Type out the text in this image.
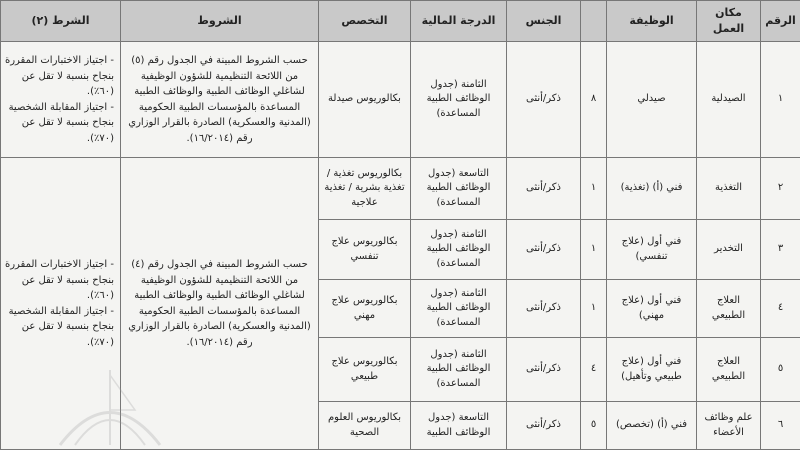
الرقم	مكان العمل	الوظيفة		الجنس	الدرجة المالية	التخصص	الشروط	الشرط (٢)
١	الصيدلية	صيدلي	٨	ذكر/أنثى	الثامنة (جدول الوظائف الطبية المساعدة)	بكالوريوس صيدلة	حسب الشروط المبينة في الجدول رقم (٥) من اللائحة التنظيمية للشؤون الوظيفية لشاغلي الوظائف الطبية والوظائف الطبية المساعدة بالمؤسسات الطبية الحكومية (المدنية والعسكرية) الصادرة بالقرار الوزاري رقم (١٦/٢٠١٤).	- اجتياز الاختبارات المقررة بنجاح بنسبة لا تقل عن (٦٠٪).
- اجتياز المقابلة الشخصية بنجاح بنسبة لا تقل عن (٧٠٪).

٢	التغذية	فني (أ) (تغذية)	١	ذكر/أنثى	التاسعة (جدول الوظائف الطبية المساعدة)	بكالوريوس تغذية / تغذية بشرية / تغذية علاجية	حسب الشروط المبينة في الجدول رقم (٤) من اللائحة التنظيمية للشؤون الوظيفية لشاغلي الوظائف الطبية والوظائف الطبية المساعدة بالمؤسسات الطبية الحكومية (المدنية والعسكرية) الصادرة بالقرار الوزاري رقم (١٦/٢٠١٤).	- اجتياز الاختبارات المقررة بنجاح بنسبة لا تقل عن (٦٠٪).
- اجتياز المقابلة الشخصية بنجاح بنسبة لا تقل عن (٧٠٪).

٣	التخدير	فني أول (علاج تنفسي)	١	ذكر/أنثى	الثامنة (جدول الوظائف الطبية المساعدة)	بكالوريوس علاج تنفسي		
٤	العلاج الطبيعي	فني أول (علاج مهني)	١	ذكر/أنثى	الثامنة (جدول الوظائف الطبية المساعدة)	بكالوريوس علاج مهني		
٥	العلاج الطبيعي	فني أول (علاج طبيعي وتأهيل)	٤	ذكر/أنثى	الثامنة (جدول الوظائف الطبية المساعدة)	بكالوريوس علاج طبيعي		
٦	علم وظائف الأعضاء	فني (أ) (تخصص)	٥	ذكر/أنثى	التاسعة (جدول الوظائف الطبية	بكالوريوس العلوم الصحية		
